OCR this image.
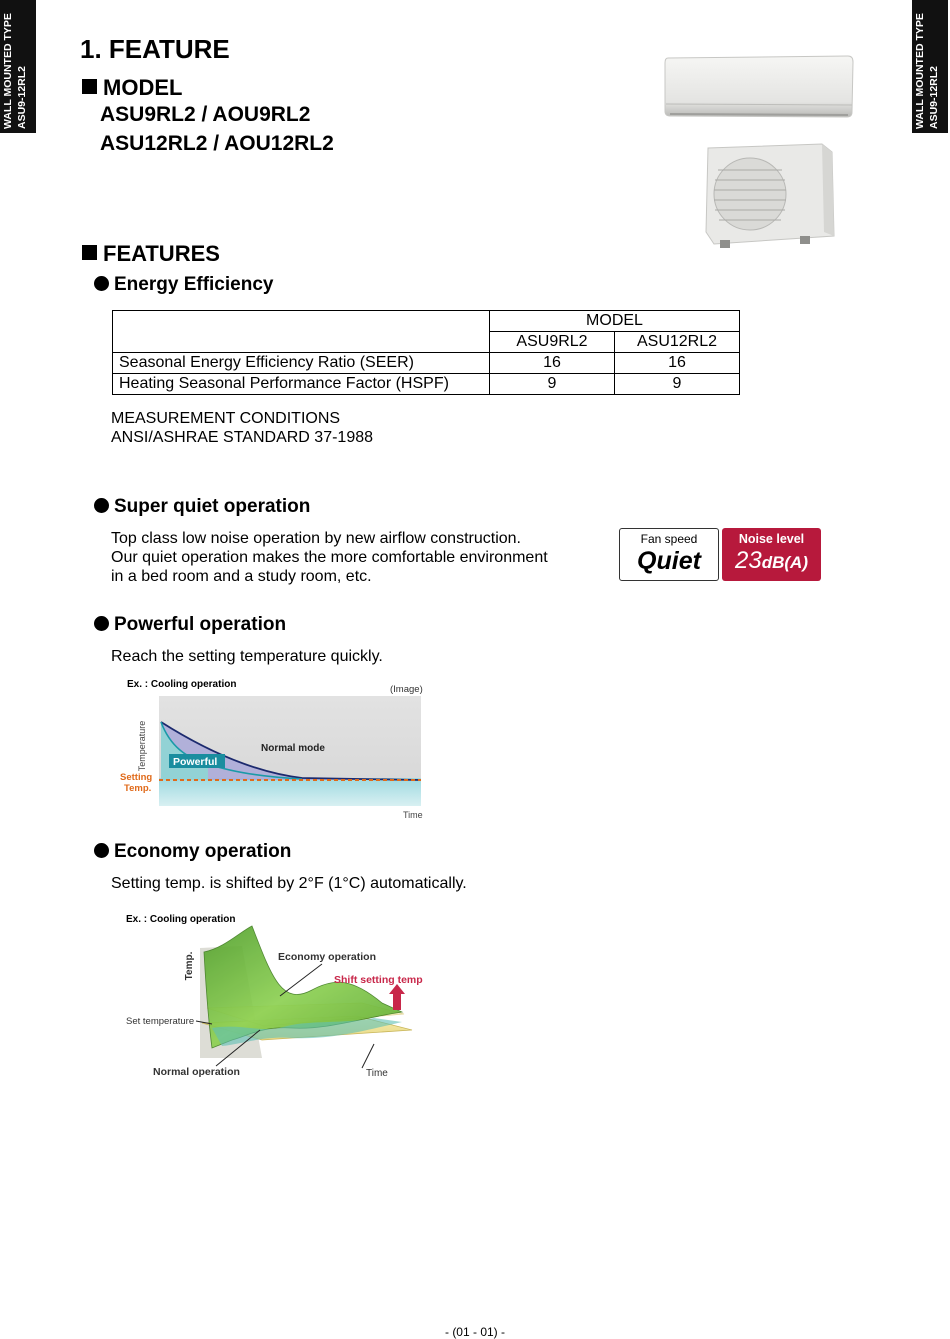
WALL MOUNTED TYPE ASU9-12RL2	WALL MOUNTED TYPE ASU9-12RL2
1. FEATURE
MODEL
ASU9RL2 / AOU9RL2
ASU12RL2 / AOU12RL2
FEATURES
Energy Efficiency
	MODEL	
	ASU9RL2	ASU12RL2
Seasonal Energy Efficiency Ratio (SEER)	16	16
Heating Seasonal Performance Factor (HSPF)	9	9
MEASUREMENT CONDITIONS
ANSI/ASHRAE STANDARD 37-1988
Super quiet operation
Top class low noise operation by new airflow construction.
Our quiet operation makes the more comfortable environment
in a bed room and a study room, etc.
Fan speed
Quiet
Noise level
23dB(A)
Powerful operation
Reach the setting temperature quickly.
Ex. : Cooling operation	(Image)
Normal mode
Powerful
Temperature
Setting
Temp.
Time
Economy operation
Setting temp. is shifted by 2°F (1°C) automatically.
Ex. : Cooling operation
Temp.	Economy operation
Shift setting temp
Set temperature
Normal operation	Time
- (01 - 01) -
